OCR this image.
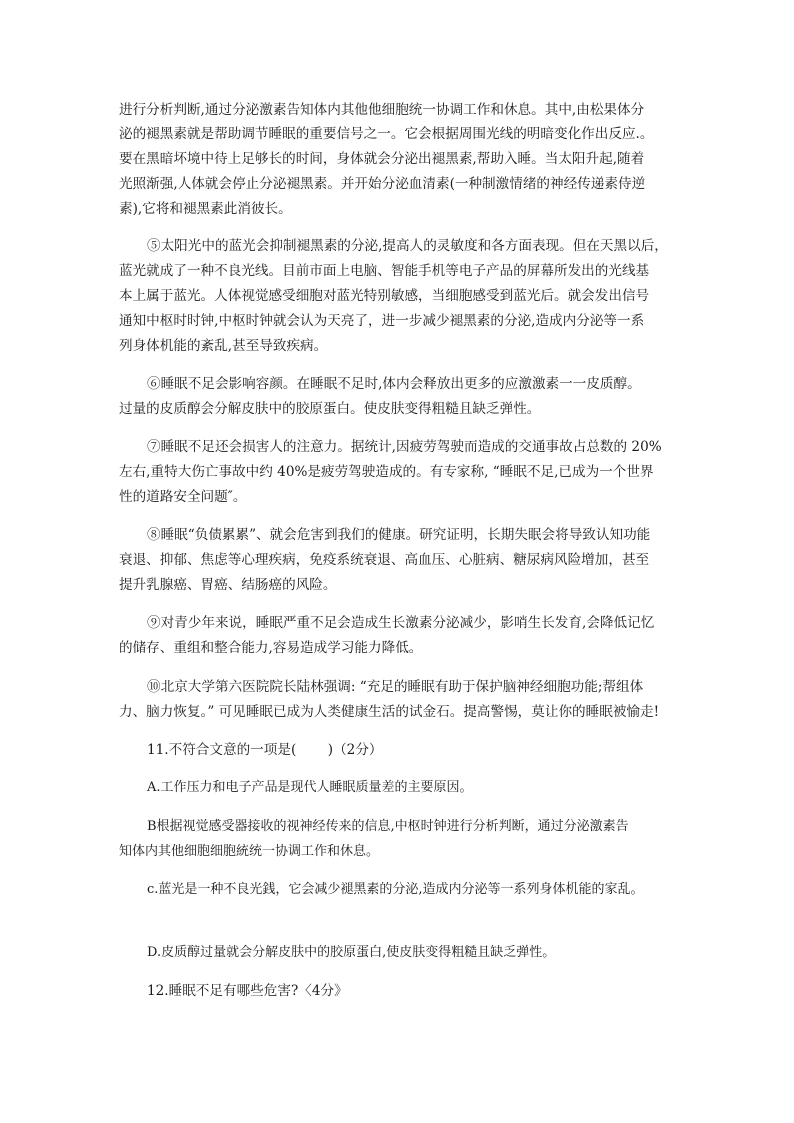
进行分析判断,通过分泌激素告知体内其他他细胞统一协调工作和休息。其中,由松果体分
泌的褪黑素就是帮助调节睡眠的重要信号之一。它会根据周围光线的明暗变化作出反应.。
要在黑暗坏境中待上足够长的时间，身体就会分泌出褪黑素,帮助入睡。当太阳升起,随着
光照渐强,人体就会停止分泌褪黑素。并开始分泌血清素(一种制激情绪的神经传递素侍逆
素),它将和褪黑素此消彼长。
⑤太阳光中的蓝光会抑制褪黑素的分泌,提高人的灵敏度和各方面表现。但在天黑以后，
蓝光就成了一种不良光线。目前市面上电脑、智能手机等电子产品的屏幕所发出的光线基
本上属于蓝光。人体视觉感受细胞对蓝光特别敏感，当细胞感受到蓝光后。就会发出信号
通知中枢时时钟,中枢时钟就会认为天亮了，进一步减少褪黑素的分泌,造成内分泌等一系
列身体机能的紊乱,甚至导致疾病。
⑥睡眠不足会影响容颜。在睡眠不足时,体内会释放出更多的应激激素一一皮质醇。
过量的皮质醇会分解皮肤中的胶原蛋白。使皮肤变得粗糙且缺乏弹性。
⑦睡眠不足还会损害人的注意力。据统计,因疲劳驾驶而造成的交通事故占总数的 20%
左右,重特大伤亡事故中约 40%是疲劳驾驶造成的。有专家称, “睡眠不足,已成为一个世界
性的道路安全问题″。
⑧睡眠“负债累累”、就会危害到我们的健康。研究证明，长期失眠会将导致认知功能
衰退、抑郁、焦虑等心理疾病，免疫系统衰退、高血压、心脏病、糖尿病风险增加，甚至
提升乳腺癌、胃癌、结肠癌的风险。
⑨对青少年来说，睡眠严重不足会造成生长激素分泌减少，影哨生长发育,会降低记忆
的储存、重组和整合能力,容易造成学习能力降低。
⑩北京大学第六医院院长陆林强调: “充足的睡眠有助于保护脑神经细胞功能;帮组体
力、脑力恢复。” 可见睡眠已成为人类健康生活的试金石。提高警惕，莫让你的睡眠被愉走!
11.不符合文意的一项是(　　 )（2分）
A.工作压力和电子产品是现代人睡眠质量差的主要原因。
B根据视觉感受器接收的视神经传来的信息,中枢时钟进行分析判断，通过分泌激素告
知体内其他细胞细胞統统一协调工作和休息。
c.蓝光是一种不良光銭，它会减少褪黑素的分泌,造成内分泌等一系列身体机能的家乱。
D.皮质醇过量就会分解皮肤中的胶原蛋白,使皮肤变得粗糙且缺乏弹性。
12.睡眠不足有哪些危害?〈4分》
